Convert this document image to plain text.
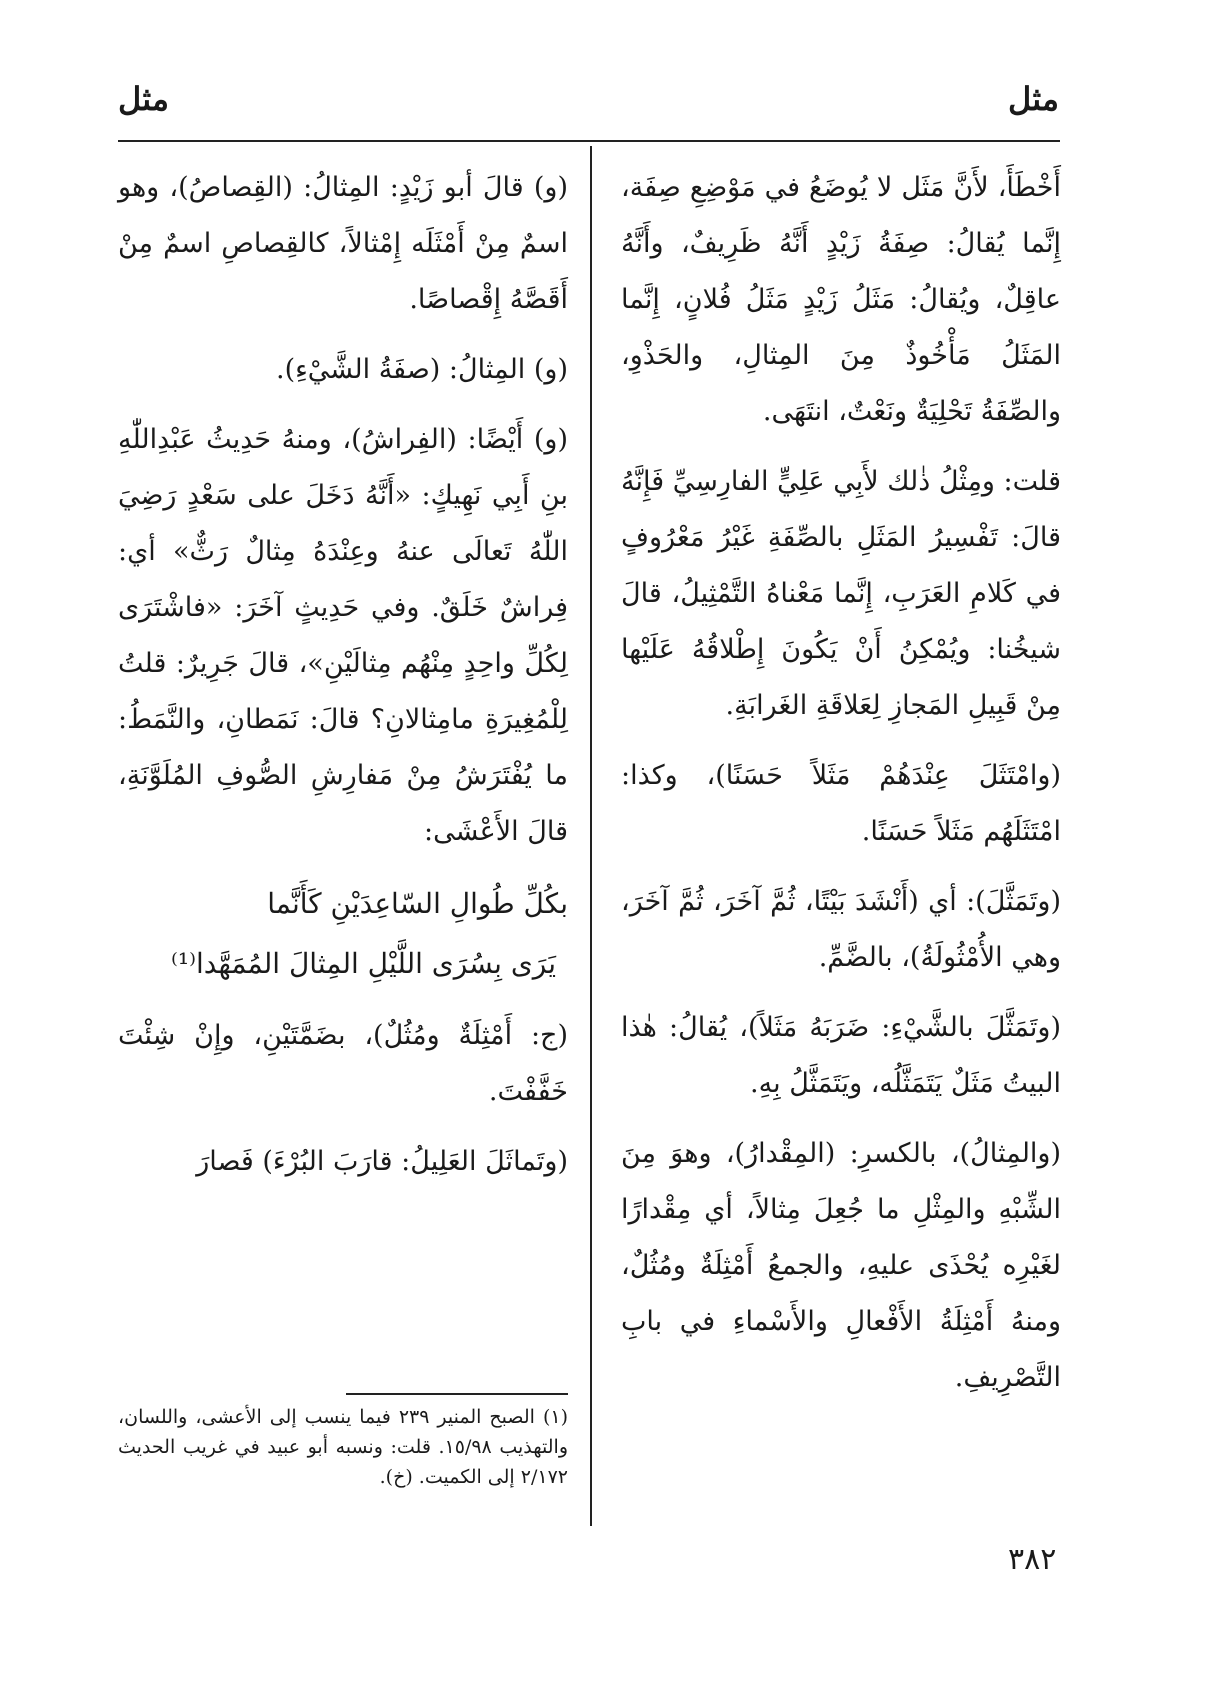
مثل
مثل

أَخْطَأَ، لأَنَّ مَثَل لا يُوضَعُ في مَوْضِعِ صِفَة، إِنَّما يُقالُ: صِفَةُ زَيْدٍ أَنَّهُ ظَرِيفٌ، وأَنَّهُ عاقِلٌ، ويُقالُ: مَثَلُ زَيْدٍ مَثَلُ فُلانٍ، إِنَّما المَثَلُ مَأْخُوذٌ مِنَ المِثالِ، والحَذْوِ، والصِّفَةُ تَحْلِيَةٌ ونَعْتٌ، انتَهَى.

قلت: ومِثْلُ ذٰلك لأَبِي عَلِيٍّ الفارِسِيِّ فَإِنَّهُ قالَ: تَفْسِيرُ المَثَلِ بالصِّفَةِ غَيْرُ مَعْرُوفٍ في كَلامِ العَرَبِ، إِنَّما مَعْناهُ التَّمْثِيلُ، قالَ شيخُنا: ويُمْكِنُ أَنْ يَكُونَ إِطْلاقُهُ عَلَيْها مِنْ قَبِيلِ المَجازِ لِعَلاقَةِ الغَرابَةِ.

(وامْتَثَلَ عِنْدَهُمْ مَثَلاً حَسَنًا)، وكذا: امْتَثَلَهُم مَثَلاً حَسَنًا.

(وتَمَثَّلَ): أي (أَنْشَدَ بَيْتًا، ثُمَّ آخَرَ، ثُمَّ آخَرَ، وهي الأُمْثُولَةُ)، بالضَّمِّ.

(وتَمَثَّلَ بالشَّيْءِ: ضَرَبَهُ مَثَلاً)، يُقالُ: هٰذا البيتُ مَثَلٌ يَتَمَثَّلُه، ويَتَمَثَّلُ بِهِ.

(والمِثالُ)، بالكسرِ: (المِقْدارُ)، وهوَ مِنَ الشِّبْهِ والمِثْلِ ما جُعِلَ مِثالاً، أي مِقْدارًا لغَيْرِه يُحْذَى عليهِ، والجمعُ أَمْثِلَةٌ ومُثُلٌ، ومنهُ أَمْثِلَةُ الأَفْعالِ والأَسْماءِ في بابِ التَّصْرِيفِ.

(و) قالَ أبو زَيْدٍ: المِثالُ: (القِصاصُ)، وهو اسمٌ مِنْ أَمْثَلَه إِمْثالاً، كالقِصاصِ اسمٌ مِنْ أَقَصَّهُ إِقْصاصًا.

(و) المِثالُ: (صفَةُ الشَّيْءِ).

(و) أَيْضًا: (الفِراشُ)، ومنهُ حَدِيثُ عَبْدِاللّٰهِ بنِ أَبِي نَهِيكٍ: «أَنَّهُ دَخَلَ على سَعْدٍ رَضِيَ اللّٰهُ تَعالَى عنهُ وعِنْدَهُ مِثالٌ رَثٌّ» أي: فِراشٌ خَلَقٌ. وفي حَدِيثٍ آخَرَ: «فاشْتَرَى لِكُلِّ واحِدٍ مِنْهُم مِثالَيْنِ»، قالَ جَرِيرٌ: قلتُ لِلْمُغِيرَةِ مامِثالانِ؟ قالَ: نَمَطانِ، والنَّمَطُ: ما يُفْتَرَشُ مِنْ مَفارِشِ الصُّوفِ المُلَوَّنَةِ، قالَ الأَعْشَى:

بكُلِّ طُوالِ السّاعِدَيْنِ كَأَنَّما

يَرَى بِسُرَى اللَّيْلِ المِثالَ المُمَهَّدا⁽¹⁾

(ج: أَمْثِلَةٌ ومُثُلٌ)، بضَمَّتَيْنِ، وإِنْ شِئْتَ خَفَّفْتَ.

(وتَماثَلَ العَلِيلُ: قارَبَ البُرْءَ) فَصارَ

(١) الصبح المنير ٢٣٩ فيما ينسب إلى الأعشى، واللسان، والتهذيب ١٥/٩٨. قلت: ونسبه أبو عبيد في غريب الحديث ٢/١٧٢ إلى الكميت. (خ).
٣٨٢
